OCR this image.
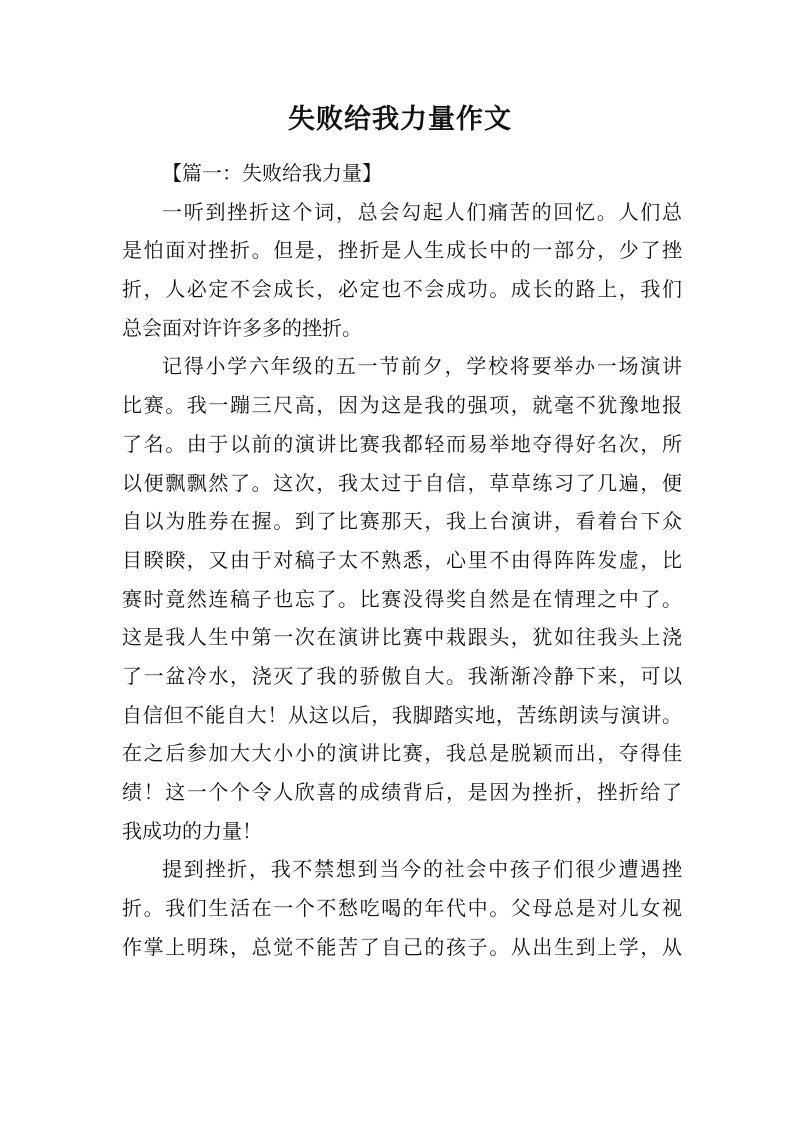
失败给我力量作文
【篇一：失败给我力量】
一听到挫折这个词，总会勾起人们痛苦的回忆。人们总
是怕面对挫折。但是，挫折是人生成长中的一部分，少了挫
折，人必定不会成长，必定也不会成功。成长的路上，我们
总会面对许许多多的挫折。
记得小学六年级的五一节前夕，学校将要举办一场演讲
比赛。我一蹦三尺高，因为这是我的强项，就毫不犹豫地报
了名。由于以前的演讲比赛我都轻而易举地夺得好名次，所
以便飘飘然了。这次，我太过于自信，草草练习了几遍，便
自以为胜券在握。到了比赛那天，我上台演讲，看着台下众
目睽睽，又由于对稿子太不熟悉，心里不由得阵阵发虚，比
赛时竟然连稿子也忘了。比赛没得奖自然是在情理之中了。
这是我人生中第一次在演讲比赛中栽跟头，犹如往我头上浇
了一盆冷水，浇灭了我的骄傲自大。我渐渐冷静下来，可以
自信但不能自大！从这以后，我脚踏实地，苦练朗读与演讲。
在之后参加大大小小的演讲比赛，我总是脱颖而出，夺得佳
绩！这一个个令人欣喜的成绩背后，是因为挫折，挫折给了
我成功的力量！
提到挫折，我不禁想到当今的社会中孩子们很少遭遇挫
折。我们生活在一个不愁吃喝的年代中。父母总是对儿女视
作掌上明珠，总觉不能苦了自己的孩子。从出生到上学，从
